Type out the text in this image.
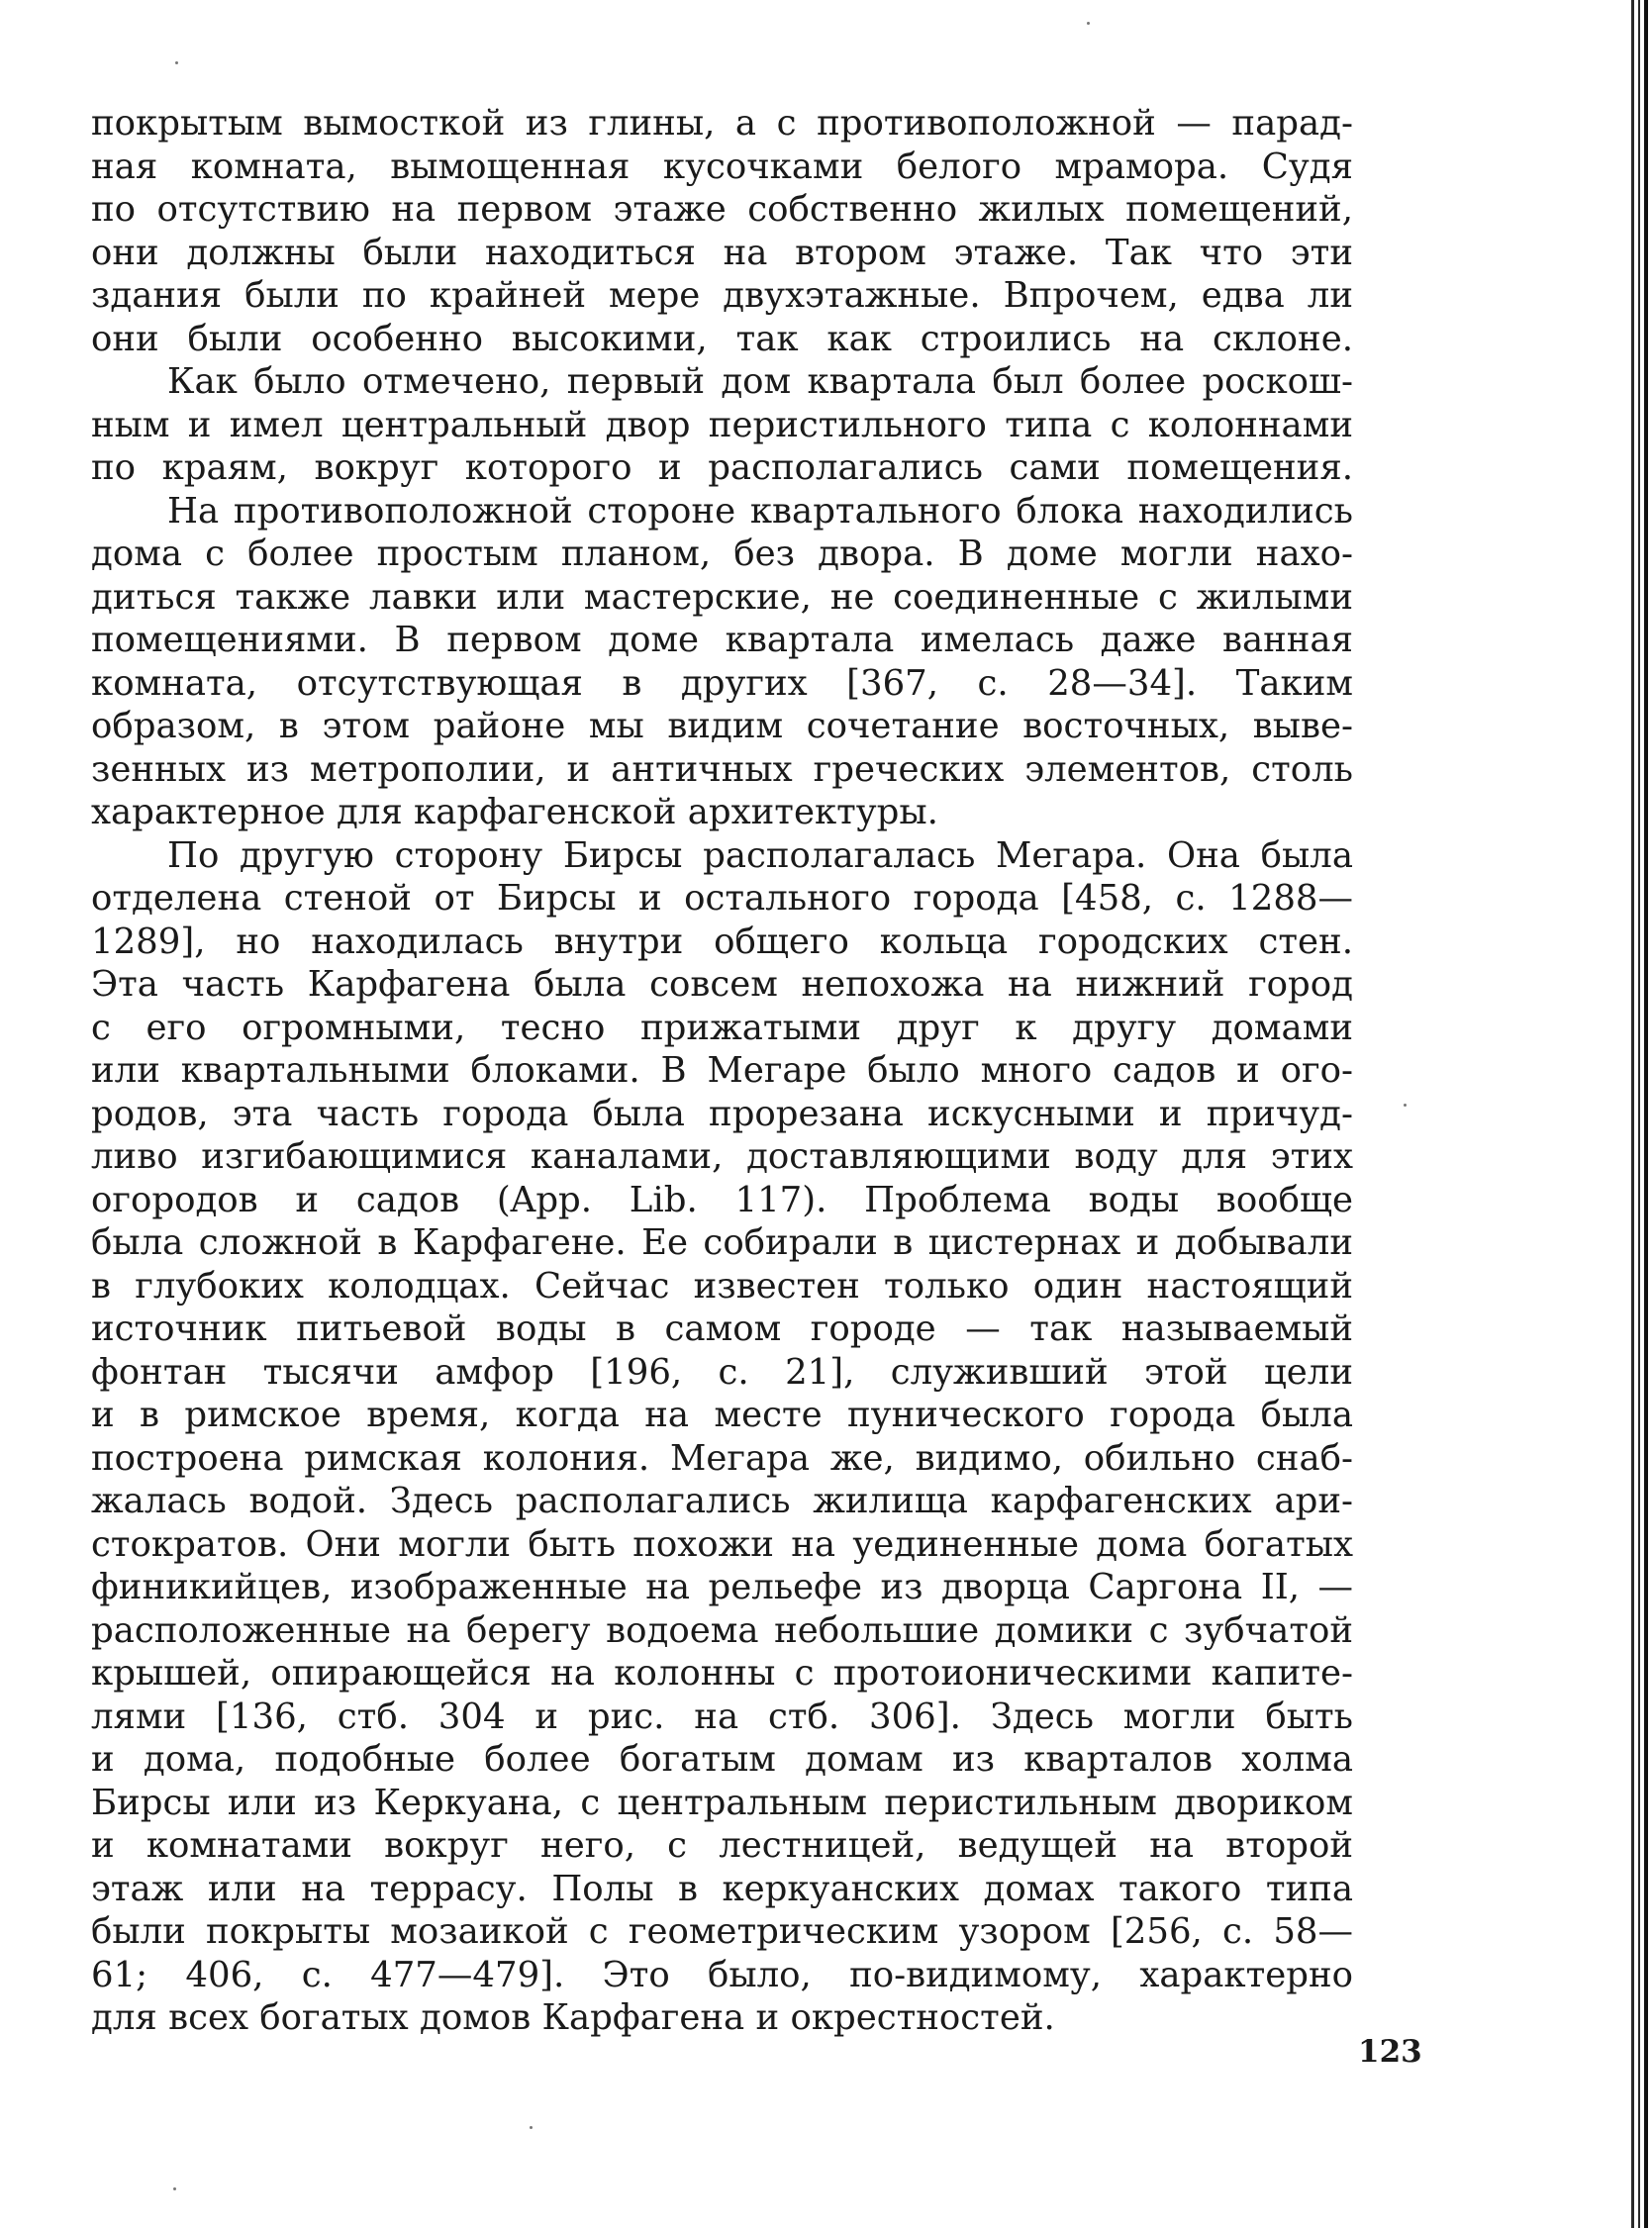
покрытым вымосткой из глины, а с противоположной — парад-
ная комната, вымощенная кусочками белого мрамора. Судя
по отсутствию на первом этаже собственно жилых помещений,
они должны были находиться на втором этаже. Так что эти
здания были по крайней мере двухэтажные. Впрочем, едва ли
они были особенно высокими, так как строились на склоне.
Как было отмечено, первый дом квартала был более роскош-
ным и имел центральный двор перистильного типа с колоннами
по краям, вокруг которого и располагались сами помещения.
На противоположной стороне квартального блока находились
дома с более простым планом, без двора. В доме могли нахо-
диться также лавки или мастерские, не соединенные с жилыми
помещениями. В первом доме квартала имелась даже ванная
комната, отсутствующая в других [367, с. 28—34]. Таким
образом, в этом районе мы видим сочетание восточных, выве-
зенных из метрополии, и античных греческих элементов, столь
характерное для карфагенской архитектуры.
По другую сторону Бирсы располагалась Мегара. Она была
отделена стеной от Бирсы и остального города [458, с. 1288—
1289], но находилась внутри общего кольца городских стен.
Эта часть Карфагена была совсем непохожа на нижний город
с его огромными, тесно прижатыми друг к другу домами
или квартальными блоками. В Мегаре было много садов и ого-
родов, эта часть города была прорезана искусными и причуд-
ливо изгибающимися каналами, доставляющими воду для этих
огородов и садов (App. Lib. 117). Проблема воды вообще
была сложной в Карфагене. Ее собирали в цистернах и добывали
в глубоких колодцах. Сейчас известен только один настоящий
источник питьевой воды в самом городе — так называемый
фонтан тысячи амфор [196, с. 21], служивший этой цели
и в римское время, когда на месте пунического города была
построена римская колония. Мегара же, видимо, обильно снаб-
жалась водой. Здесь располагались жилища карфагенских ари-
стократов. Они могли быть похожи на уединенные дома богатых
финикийцев, изображенные на рельефе из дворца Саргона II, —
расположенные на берегу водоема небольшие домики с зубчатой
крышей, опирающейся на колонны с протоионическими капите-
лями [136, стб. 304 и рис. на стб. 306]. Здесь могли быть
и дома, подобные более богатым домам из кварталов холма
Бирсы или из Керкуана, с центральным перистильным двориком
и комнатами вокруг него, с лестницей, ведущей на второй
этаж или на террасу. Полы в керкуанских домах такого типа
были покрыты мозаикой с геометрическим узором [256, с. 58—
61; 406, с. 477—479]. Это было, по-видимому, характерно
для всех богатых домов Карфагена и окрестностей.
123
